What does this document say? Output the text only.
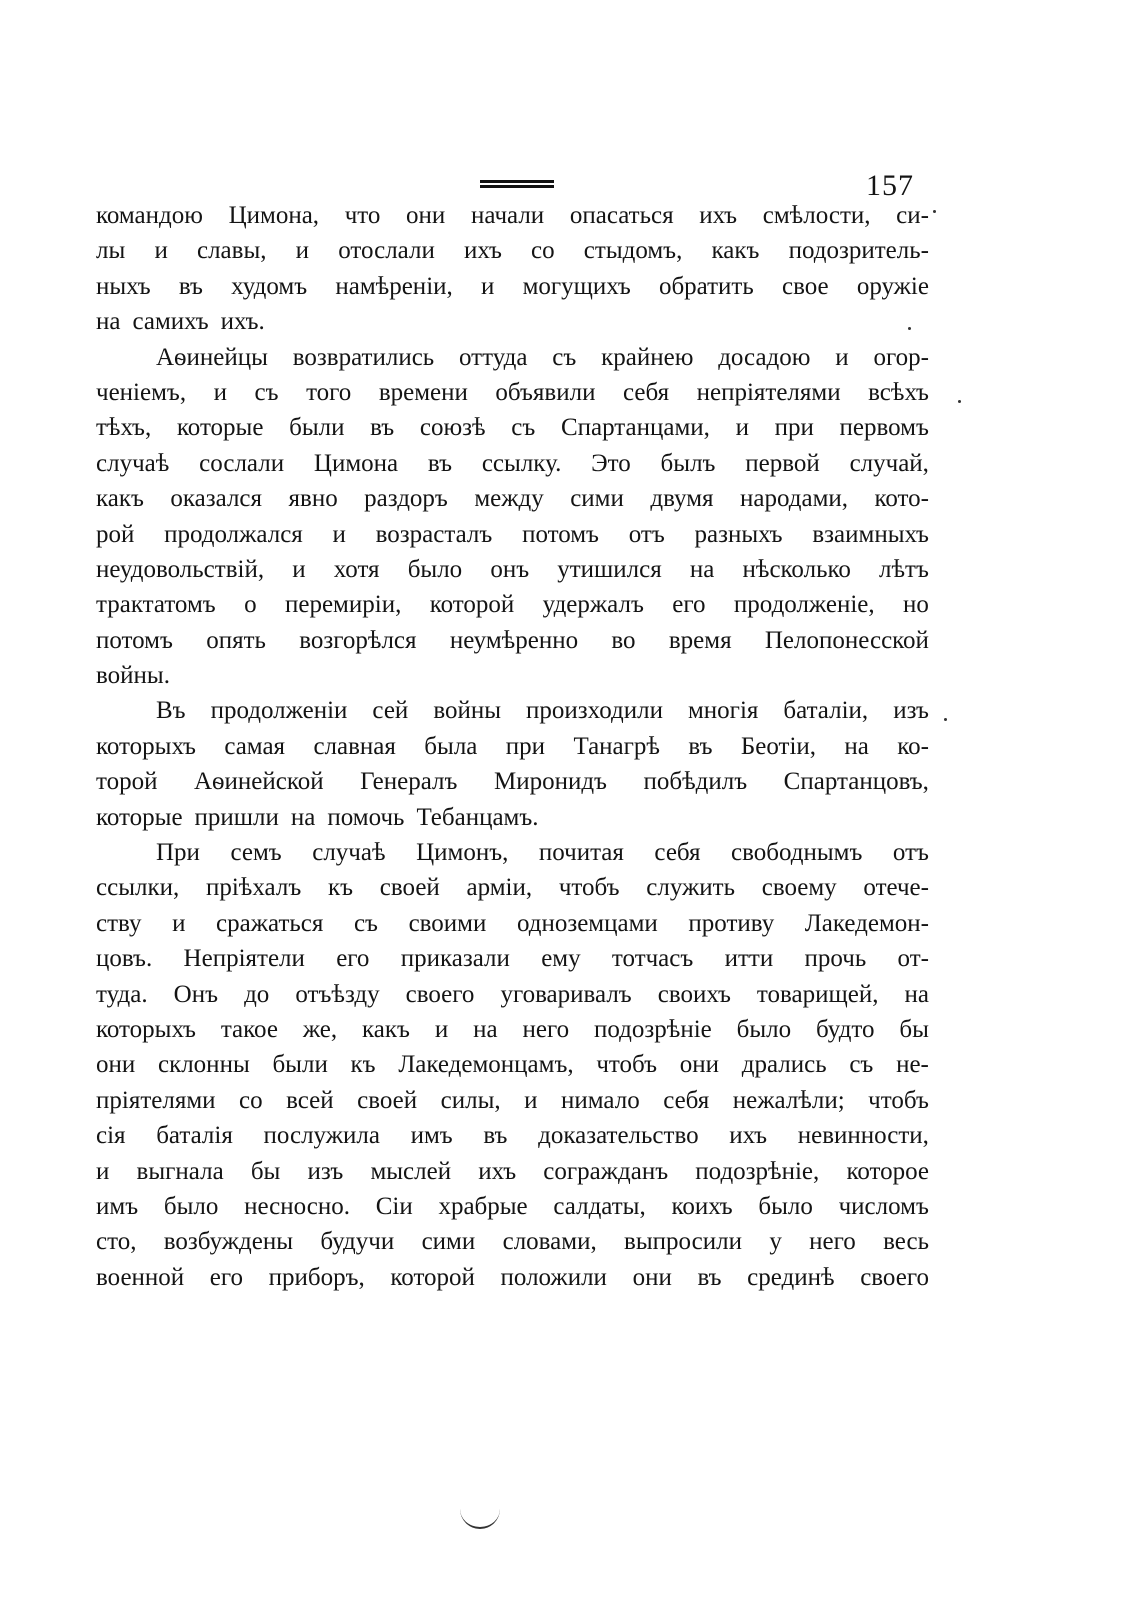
157
командою Цимона, что они начали опасаться ихъ смѣлости, си-
лы и славы, и отослали ихъ со стыдомъ, какъ подозритель-
ныхъ въ худомъ намѣреніи, и могущихъ обратить свое оружіе
на самихъ ихъ.
Аѳинейцы возвратились оттуда съ крайнею досадою и огор-
ченіемъ, и съ того времени объявили себя непріятелями всѣхъ
тѣхъ, которые были въ союзѣ съ Спартанцами, и при первомъ
случаѣ сослали Цимона въ ссылку. Это былъ первой случай,
какъ оказался явно раздоръ между сими двумя народами, кото-
рой продолжался и возрасталъ потомъ отъ разныхъ взаимныхъ
неудовольствій, и хотя было онъ утишился на нѣсколько лѣтъ
трактатомъ о перемиріи, которой удержалъ его продолженіе, но
потомъ опять возгорѣлся неумѣренно во время Пелопонесской
войны.
Въ продолженіи сей войны произходили многія баталіи, изъ
которыхъ самая славная была при Танагрѣ въ Беотіи, на ко-
торой Аѳинейской Генералъ Миронидъ побѣдилъ Спартанцовъ,
которые пришли на помочь Тебанцамъ.
При семъ случаѣ Цимонъ, почитая себя свободнымъ отъ
ссылки, пріѣхалъ къ своей арміи, чтобъ служить своему отече-
ству и сражаться съ своими одноземцами противу Лакедемон-
цовъ. Непріятели его приказали ему тотчасъ итти прочь от-
туда. Онъ до отъѣзду своего уговаривалъ своихъ товарищей, на
которыхъ такое же, какъ и на него подозрѣніе было будто бы
они склонны были къ Лакедемонцамъ, чтобъ они дрались съ не-
пріятелями со всей своей силы, и нимало себя нежалѣли; чтобъ
сія баталія послужила имъ въ доказательство ихъ невинности,
и выгнала бы изъ мыслей ихъ согражданъ подозрѣніе, которое
имъ было несносно. Сіи храбрые салдаты, коихъ было числомъ
сто, возбуждены будучи сими словами, выпросили у него весь
военной его приборъ, которой положили они въ срединѣ своего
